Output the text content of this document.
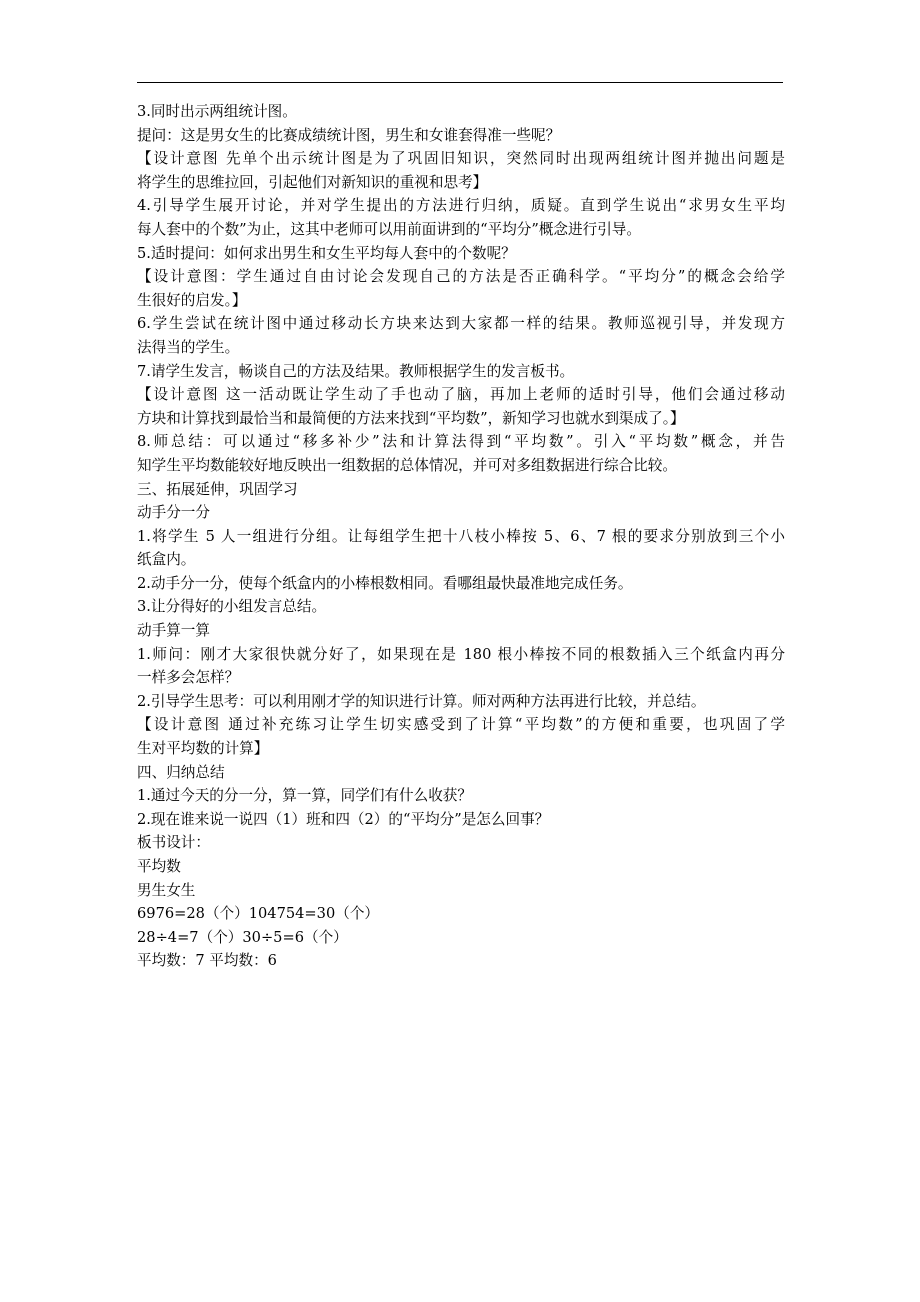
3.同时出示两组统计图。
提问：这是男女生的比赛成绩统计图，男生和女谁套得准一些呢？
【设计意图 先单个出示统计图是为了巩固旧知识，突然同时出现两组统计图并抛出问题是
将学生的思维拉回，引起他们对新知识的重视和思考】
4.引导学生展开讨论，并对学生提出的方法进行归纳，质疑。直到学生说出“求男女生平均
每人套中的个数”为止，这其中老师可以用前面讲到的“平均分”概念进行引导。
5.适时提问：如何求出男生和女生平均每人套中的个数呢？
【设计意图：学生通过自由讨论会发现自己的方法是否正确科学。“平均分”的概念会给学
生很好的启发。】
6.学生尝试在统计图中通过移动长方块来达到大家都一样的结果。教师巡视引导，并发现方
法得当的学生。
7.请学生发言，畅谈自己的方法及结果。教师根据学生的发言板书。
【设计意图 这一活动既让学生动了手也动了脑，再加上老师的适时引导，他们会通过移动
方块和计算找到最恰当和最简便的方法来找到“平均数”，新知学习也就水到渠成了。】
8.师总结：可以通过“移多补少”法和计算法得到“平均数”。引入“平均数”概念，并告
知学生平均数能较好地反映出一组数据的总体情况，并可对多组数据进行综合比较。
三、拓展延伸，巩固学习
动手分一分
1.将学生 5 人一组进行分组。让每组学生把十八枝小棒按 5、6、7 根的要求分别放到三个小
纸盒内。
2.动手分一分，使每个纸盒内的小棒根数相同。看哪组最快最准地完成任务。
3.让分得好的小组发言总结。
动手算一算
1.师问：刚才大家很快就分好了，如果现在是 180 根小棒按不同的根数插入三个纸盒内再分
一样多会怎样？
2.引导学生思考：可以利用刚才学的知识进行计算。师对两种方法再进行比较，并总结。
【设计意图 通过补充练习让学生切实感受到了计算“平均数”的方便和重要，也巩固了学
生对平均数的计算】
四、归纳总结
1.通过今天的分一分，算一算，同学们有什么收获？
2.现在谁来说一说四（1）班和四（2）的“平均分”是怎么回事？
板书设计：
平均数
男生女生
6976=28（个）104754=30（个）
28÷4=7（个）30÷5=6（个）
平均数：7 平均数：6
